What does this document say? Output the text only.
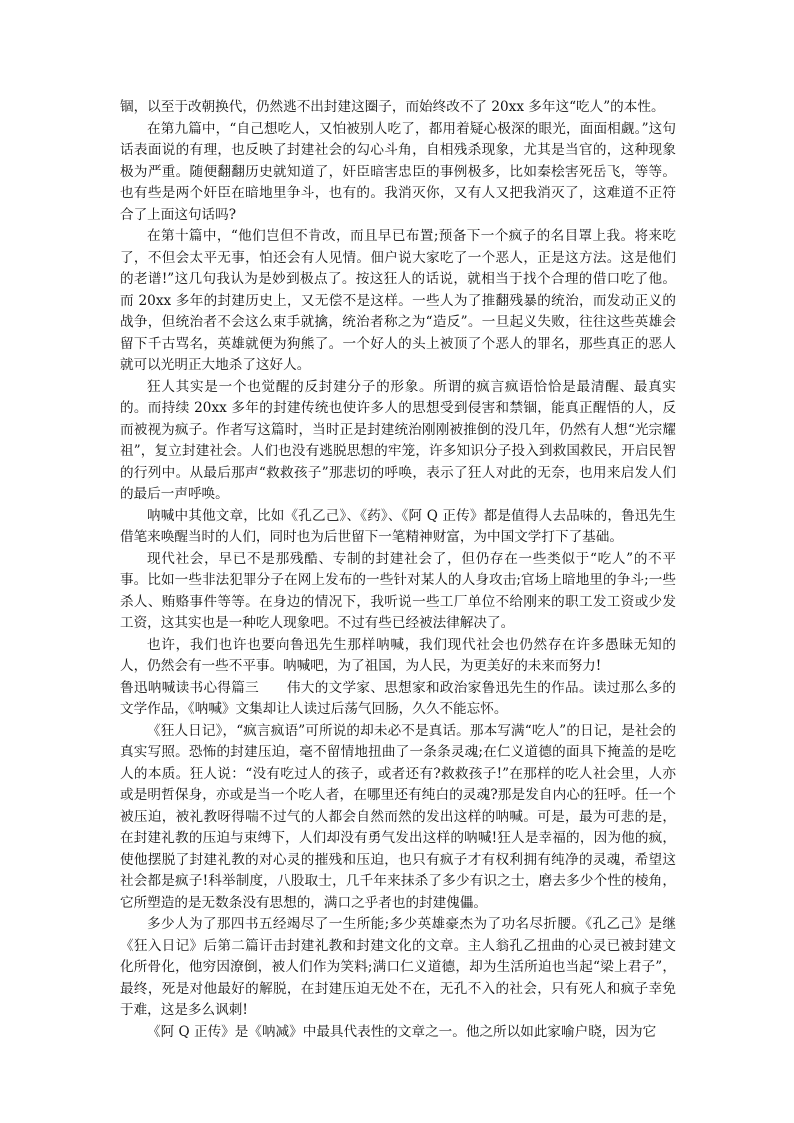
锢，以至于改朝换代，仍然逃不出封建这圈子，而始终改不了 20xx 多年这“吃人”的本性。

在第九篇中，“自己想吃人，又怕被别人吃了，都用着疑心极深的眼光，面面相觑。”这句话表面说的有理，也反映了封建社会的勾心斗角，自相残杀现象，尤其是当官的，这种现象极为严重。随便翻翻历史就知道了，奸臣暗害忠臣的事例极多，比如秦桧害死岳飞，等等。也有些是两个奸臣在暗地里争斗，也有的。我消灭你，又有人又把我消灭了，这难道不正符合了上面这句话吗?

在第十篇中，“他们岂但不肯改，而且早已布置;预备下一个疯子的名目罩上我。将来吃了，不但会太平无事，怕还会有人见情。佃户说大家吃了一个恶人，正是这方法。这是他们的老谱!”这几句我认为是妙到极点了。按这狂人的话说，就相当于找个合理的借口吃了他。而 20xx 多年的封建历史上，又无偿不是这样。一些人为了推翻残暴的统治，而发动正义的战争，但统治者不会这么束手就擒，统治者称之为“造反”。一旦起义失败，往往这些英雄会留下千古骂名，英雄就便为狗熊了。一个好人的头上被顶了个恶人的罪名，那些真正的恶人就可以光明正大地杀了这好人。

狂人其实是一个也觉醒的反封建分子的形象。所谓的疯言疯语恰恰是最清醒、最真实的。而持续 20xx 多年的封建传统也使许多人的思想受到侵害和禁锢，能真正醒悟的人，反而被视为疯子。作者写这篇时，当时正是封建统治刚刚被推倒的没几年，仍然有人想“光宗耀祖”，复立封建社会。人们也没有逃脱思想的牢笼，许多知识分子投入到救国救民，开启民智的行列中。从最后那声“救救孩子”那悲切的呼唤，表示了狂人对此的无奈，也用来启发人们的最后一声呼唤。

呐喊中其他文章，比如《孔乙己》、《药》、《阿 Q 正传》都是值得人去品味的，鲁迅先生借笔来唤醒当时的人们，同时也为后世留下一笔精神财富，为中国文学打下了基础。

现代社会，早已不是那残酷、专制的封建社会了，但仍存在一些类似于“吃人”的不平事。比如一些非法犯罪分子在网上发布的一些针对某人的人身攻击;官场上暗地里的争斗;一些杀人、贿赂事件等等。在身边的情况下，我听说一些工厂单位不给刚来的职工发工资或少发工资，这其实也是一种吃人现象吧。不过有些已经被法律解决了。

也许，我们也许也要向鲁迅先生那样呐喊，我们现代社会也仍然存在许多愚昧无知的人，仍然会有一些不平事。呐喊吧，为了祖国，为人民，为更美好的未来而努力!

鲁迅呐喊读书心得篇三　　伟大的文学家、思想家和政治家鲁迅先生的作品。读过那么多的文学作品，《呐喊》文集却让人读过后荡气回肠，久久不能忘怀。

《狂人日记》，“疯言疯语”可所说的却未必不是真话。那本写满“吃人”的日记，是社会的真实写照。恐怖的封建压迫，毫不留情地扭曲了一条条灵魂;在仁义道德的面具下掩盖的是吃人的本质。狂人说：“没有吃过人的孩子，或者还有?救救孩子!”在那样的吃人社会里，人亦或是明哲保身，亦或是当一个吃人者，在哪里还有纯白的灵魂?那是发自内心的狂呼。任一个被压迫，被礼教呀得喘不过气的人都会自然而然的发出这样的呐喊。可是，最为可悲的是，在封建礼教的压迫与束缚下，人们却没有勇气发出这样的呐喊!狂人是幸福的，因为他的疯，使他摆脱了封建礼教的对心灵的摧残和压迫，也只有疯子才有权利拥有纯净的灵魂，希望这社会都是疯子!科举制度，八股取士，几千年来抹杀了多少有识之士，磨去多少个性的棱角，它所塑造的是无数条没有思想的，满口之乎者也的封建傀儡。

多少人为了那四书五经竭尽了一生所能;多少英雄豪杰为了功名尽折腰。《孔乙己》是继《狂入日记》后第二篇讦击封建礼教和封建文化的文章。主人翁孔乙扭曲的心灵已被封建文化所骨化，他穷因潦倒，被人们作为笑料;满口仁义道德，却为生活所迫也当起“梁上君子”，最终，死是对他最好的解脱，在封建压迫无处不在，无孔不入的社会，只有死人和疯子幸免于难，这是多么讽刺!

《阿 Q 正传》是《呐减》中最具代表性的文章之一。他之所以如此家喻户晓，因为它
